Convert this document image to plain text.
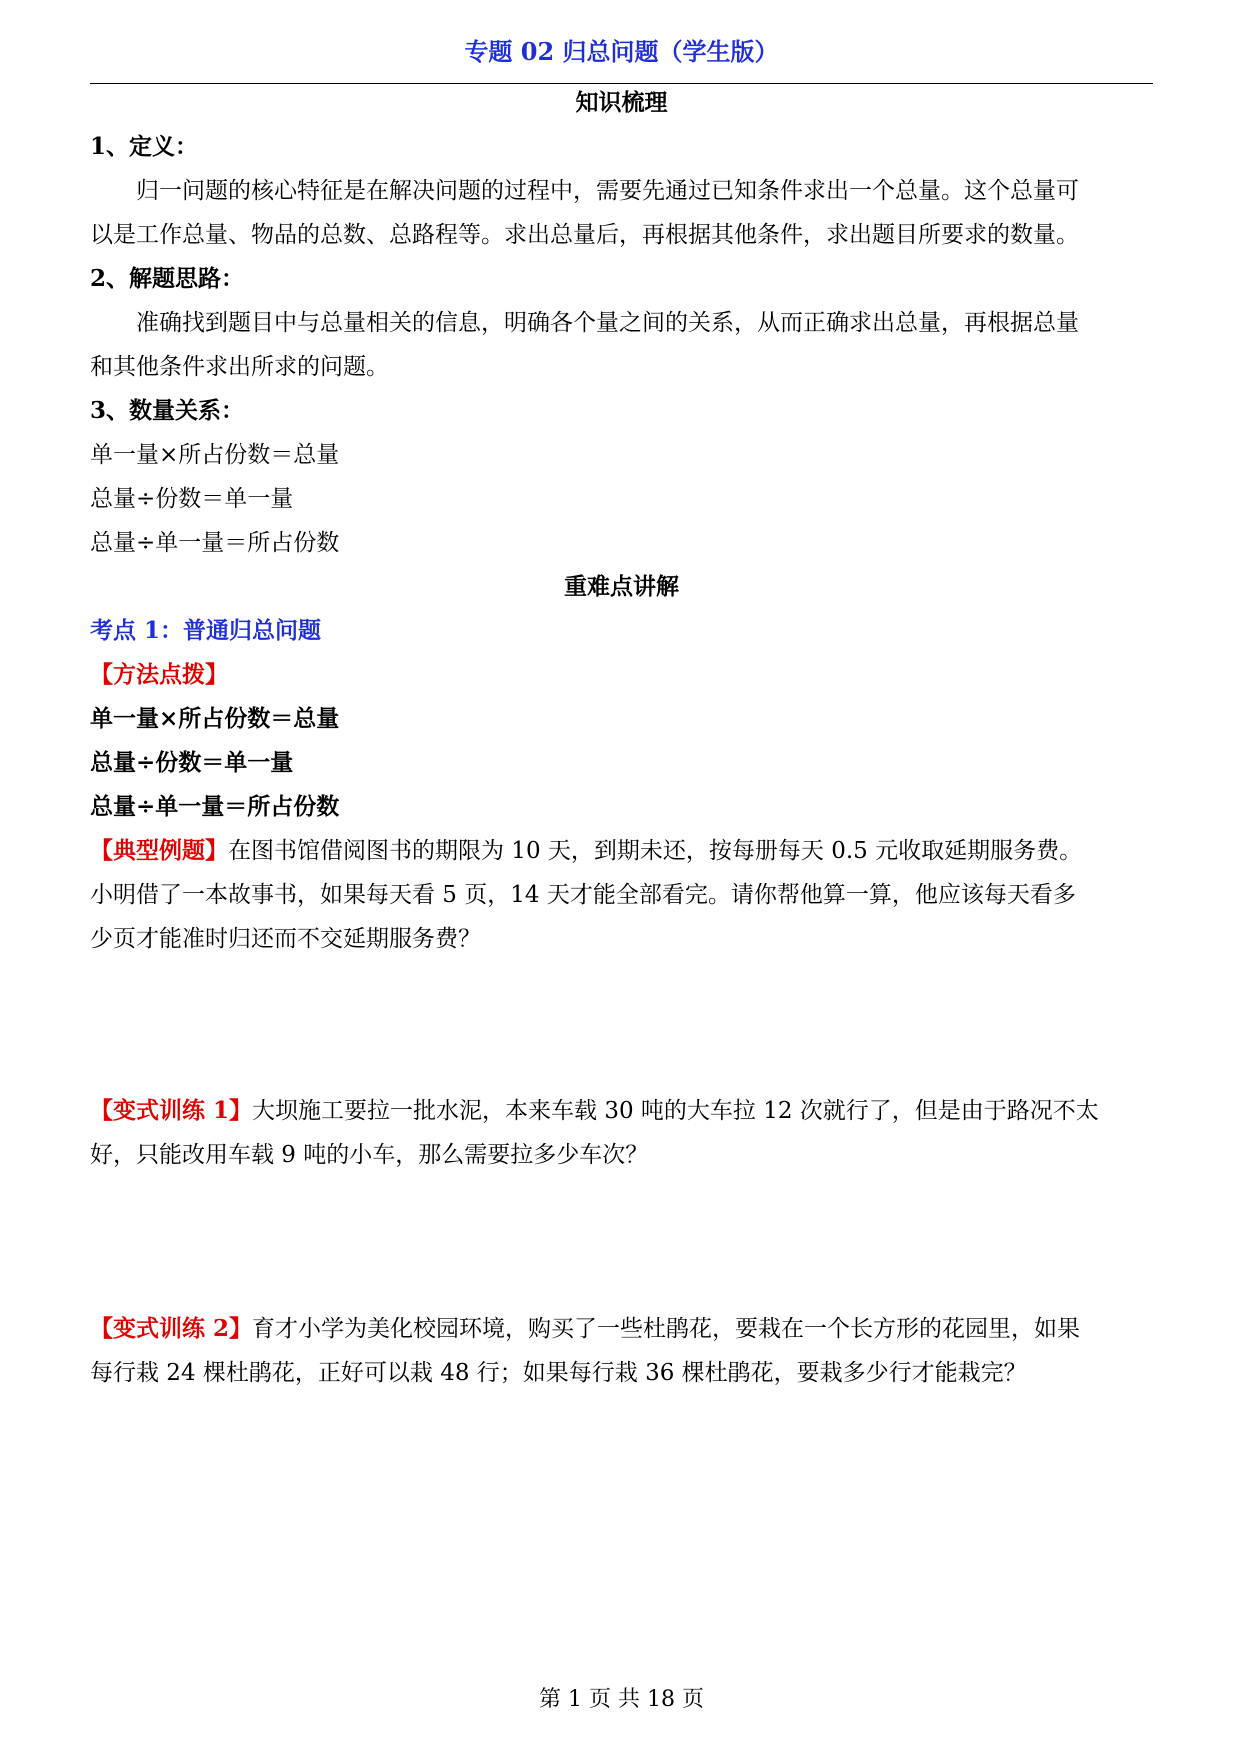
专题 02 归总问题（学生版）
知识梳理
1、定义：
归一问题的核心特征是在解决问题的过程中，需要先通过已知条件求出一个总量。这个总量可
以是工作总量、物品的总数、总路程等。求出总量后，再根据其他条件，求出题目所要求的数量。
2、解题思路：
准确找到题目中与总量相关的信息，明确各个量之间的关系，从而正确求出总量，再根据总量
和其他条件求出所求的问题。
3、数量关系：
单一量×所占份数＝总量
总量÷份数＝单一量
总量÷单一量＝所占份数
重难点讲解
考点 1：普通归总问题
【方法点拨】
单一量×所占份数＝总量
总量÷份数＝单一量
总量÷单一量＝所占份数
【典型例题】在图书馆借阅图书的期限为 10 天，到期未还，按每册每天 0.5 元收取延期服务费。
小明借了一本故事书，如果每天看 5 页，14 天才能全部看完。请你帮他算一算，他应该每天看多
少页才能准时归还而不交延期服务费？
【变式训练 1】大坝施工要拉一批水泥，本来车载 30 吨的大车拉 12 次就行了，但是由于路况不太
好，只能改用车载 9 吨的小车，那么需要拉多少车次？
【变式训练 2】育才小学为美化校园环境，购买了一些杜鹃花，要栽在一个长方形的花园里，如果
每行栽 24 棵杜鹃花，正好可以栽 48 行；如果每行栽 36 棵杜鹃花，要栽多少行才能栽完？
第 1 页 共 18 页
